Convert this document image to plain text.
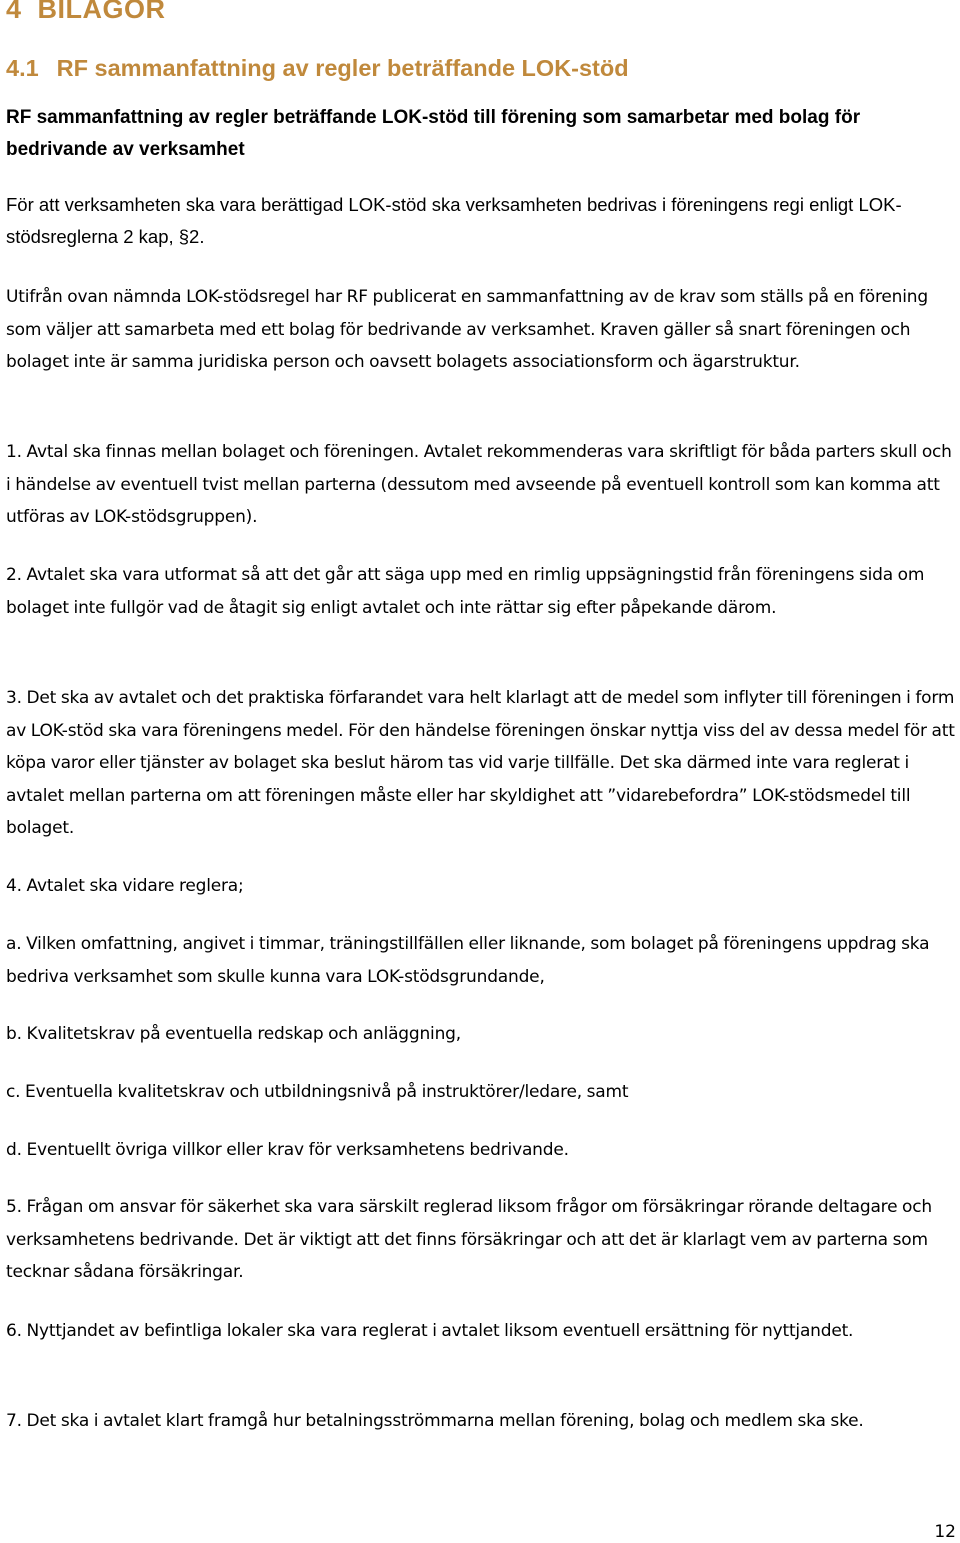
4 BILAGOR
4.1 RF sammanfattning av regler beträffande LOK-stöd
RF sammanfattning av regler beträffande LOK-stöd till förening som samarbetar med bolag för bedrivande av verksamhet

För att verksamheten ska vara berättigad LOK-stöd ska verksamheten bedrivas i föreningens regi enligt LOK-stödsreglerna 2 kap, §2.

Utifrån ovan nämnda LOK-stödsregel har RF publicerat en sammanfattning av de krav som ställs på en förening som väljer att samarbeta med ett bolag för bedrivande av verksamhet. Kraven gäller så snart föreningen och bolaget inte är samma juridiska person och oavsett bolagets associationsform och ägarstruktur.

1. Avtal ska finnas mellan bolaget och föreningen. Avtalet rekommenderas vara skriftligt för båda parters skull och i händelse av eventuell tvist mellan parterna (dessutom med avseende på eventuell kontroll som kan komma att utföras av LOK-stödsgruppen).

2. Avtalet ska vara utformat så att det går att säga upp med en rimlig uppsägningstid från föreningens sida om bolaget inte fullgör vad de åtagit sig enligt avtalet och inte rättar sig efter påpekande därom.

3. Det ska av avtalet och det praktiska förfarandet vara helt klarlagt att de medel som inflyter till föreningen i form av LOK-stöd ska vara föreningens medel. För den händelse föreningen önskar nyttja viss del av dessa medel för att köpa varor eller tjänster av bolaget ska beslut härom tas vid varje tillfälle. Det ska därmed inte vara reglerat i avtalet mellan parterna om att föreningen måste eller har skyldighet att ”vidarebefordra” LOK-stödsmedel till bolaget.

4. Avtalet ska vidare reglera;

a. Vilken omfattning, angivet i timmar, träningstillfällen eller liknande, som bolaget på föreningens uppdrag ska bedriva verksamhet som skulle kunna vara LOK-stödsgrundande,

b. Kvalitetskrav på eventuella redskap och anläggning,

c. Eventuella kvalitetskrav och utbildningsnivå på instruktörer/ledare, samt

d. Eventuellt övriga villkor eller krav för verksamhetens bedrivande.

5. Frågan om ansvar för säkerhet ska vara särskilt reglerad liksom frågor om försäkringar rörande deltagare och verksamhetens bedrivande. Det är viktigt att det finns försäkringar och att det är klarlagt vem av parterna som tecknar sådana försäkringar.

6. Nyttjandet av befintliga lokaler ska vara reglerat i avtalet liksom eventuell ersättning för nyttjandet.

7. Det ska i avtalet klart framgå hur betalningsströmmarna mellan förening, bolag och medlem ska ske.

12
